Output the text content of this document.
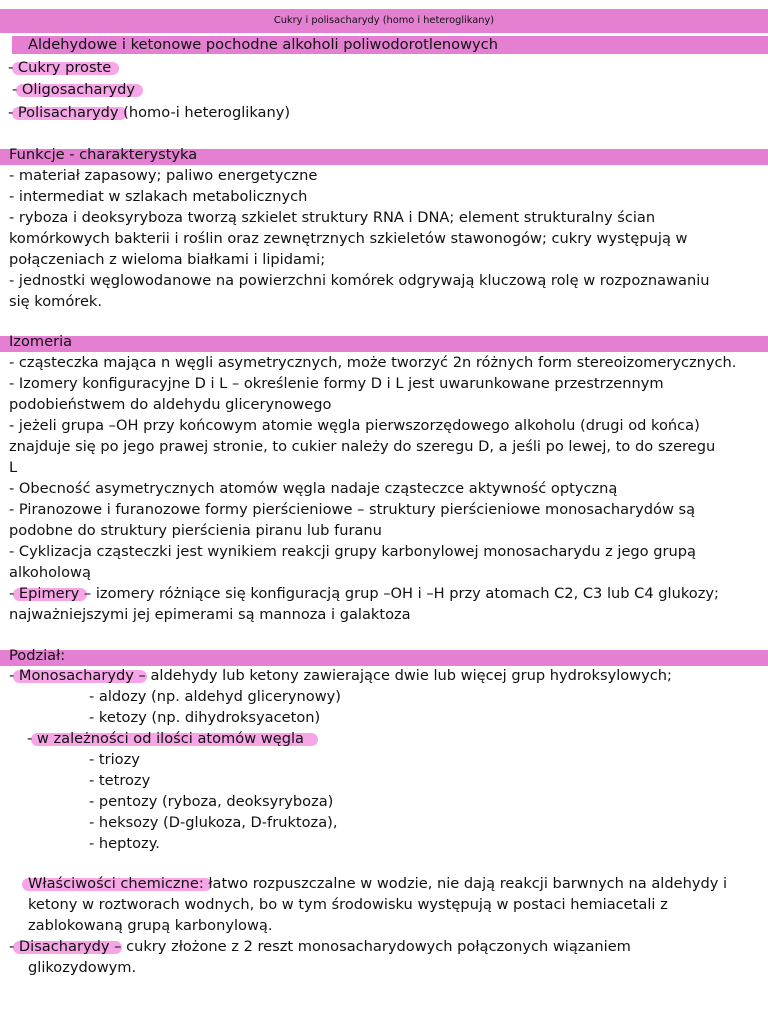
Cukry i polisacharydy (homo i heteroglikany)
Aldehydowe i ketonowe pochodne alkoholi poliwodorotlenowych
- Cukry proste
- Oligosacharydy
- Polisacharydy (homo-i heteroglikany)
Funkcje - charakterystyka
- materiał zapasowy; paliwo energetyczne
- intermediat w szlakach metabolicznych
- ryboza i deoksyryboza tworzą szkielet struktury RNA i DNA; element strukturalny ścian
komórkowych bakterii i roślin oraz zewnętrznych szkieletów stawonogów; cukry występują w
połączeniach z wieloma białkami i lipidami;
- jednostki węglowodanowe na powierzchni komórek odgrywają kluczową rolę w rozpoznawaniu
się komórek.
Izomeria
- cząsteczka mająca n węgli asymetrycznych, może tworzyć 2n różnych form stereoizomerycznych.
- Izomery konfiguracyjne D i L – określenie formy D i L jest uwarunkowane przestrzennym
podobieństwem do aldehydu glicerynowego
- jeżeli grupa –OH przy końcowym atomie węgla pierwszorzędowego alkoholu (drugi od końca)
znajduje się po jego prawej stronie, to cukier należy do szeregu D, a jeśli po lewej, to do szeregu
L
- Obecność asymetrycznych atomów węgla nadaje cząsteczce aktywność optyczną
- Piranozowe i furanozowe formy pierścieniowe – struktury pierścieniowe monosacharydów są
podobne do struktury pierścienia piranu lub furanu
- Cyklizacja cząsteczki jest wynikiem reakcji grupy karbonylowej monosacharydu z jego grupą
alkoholową
- Epimery – izomery różniące się konfiguracją grup –OH i –H przy atomach C2, C3 lub C4 glukozy;
najważniejszymi jej epimerami są mannoza i galaktoza
Podział:
- Monosacharydy – aldehydy lub ketony zawierające dwie lub więcej grup hydroksylowych;
- aldozy (np. aldehyd glicerynowy)
- ketozy (np. dihydroksyaceton)
- w zależności od ilości atomów węgla
- triozy
- tetrozy
- pentozy (ryboza, deoksyryboza)
- heksozy (D-glukoza, D-fruktoza),
- heptozy.
Właściwości chemiczne: łatwo rozpuszczalne w wodzie, nie dają reakcji barwnych na aldehydy i
ketony w roztworach wodnych, bo w tym środowisku występują w postaci hemiacetali z
zablokowaną grupą karbonylową.
- Disacharydy – cukry złożone z 2 reszt monosacharydowych połączonych wiązaniem
glikozydowym.
